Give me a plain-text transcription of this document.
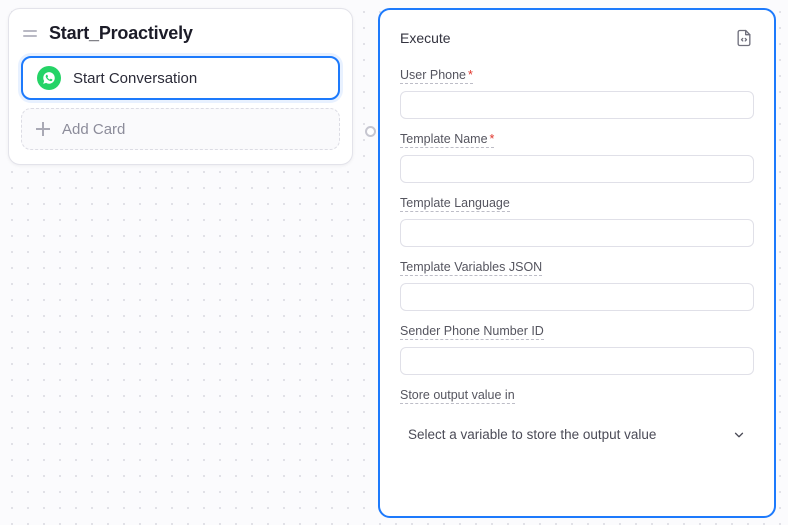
Start_Proactively
Start Conversation
Add Card
Execute
User Phone *
Template Name *
Template Language
Template Variables JSON
Sender Phone Number ID
Store output value in
Select a variable to store the output value
